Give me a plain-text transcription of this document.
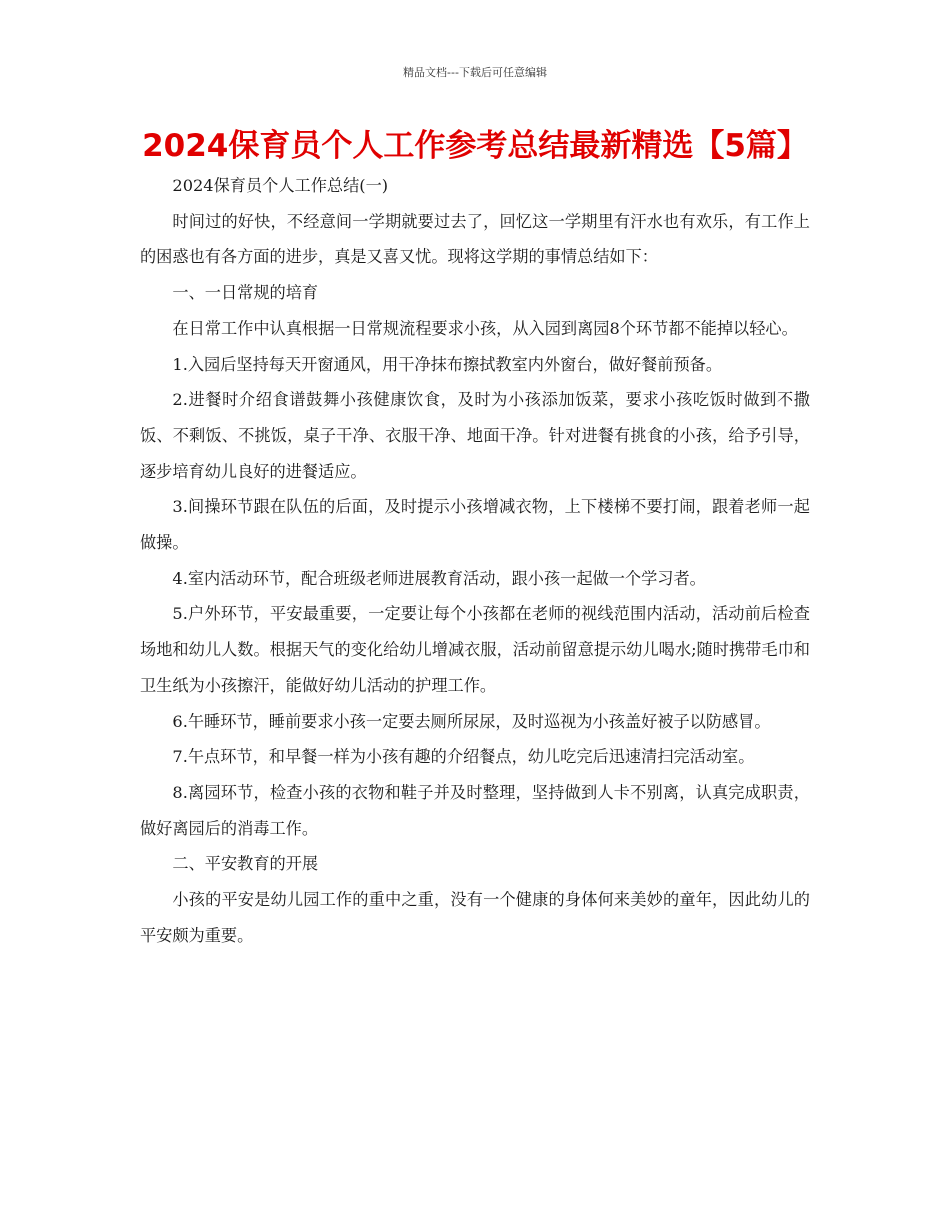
精品文档---下载后可任意编辑
2024保育员个人工作参考总结最新精选【5篇】

2024保育员个人工作总结(一)

时间过的好快，不经意间一学期就要过去了，回忆这一学期里有汗水也有欢乐，有工作上的困惑也有各方面的进步，真是又喜又忧。现将这学期的事情总结如下：

一、一日常规的培育

在日常工作中认真根据一日常规流程要求小孩，从入园到离园8个环节都不能掉以轻心。

1.入园后坚持每天开窗通风，用干净抹布擦拭教室内外窗台，做好餐前预备。

2.进餐时介绍食谱鼓舞小孩健康饮食，及时为小孩添加饭菜，要求小孩吃饭时做到不撒饭、不剩饭、不挑饭，桌子干净、衣服干净、地面干净。针对进餐有挑食的小孩，给予引导，逐步培育幼儿良好的进餐适应。

3.间操环节跟在队伍的后面，及时提示小孩增减衣物，上下楼梯不要打闹，跟着老师一起做操。

4.室内活动环节，配合班级老师进展教育活动，跟小孩一起做一个学习者。

5.户外环节，平安最重要，一定要让每个小孩都在老师的视线范围内活动，活动前后检查场地和幼儿人数。根据天气的变化给幼儿增减衣服，活动前留意提示幼儿喝水;随时携带毛巾和卫生纸为小孩擦汗，能做好幼儿活动的护理工作。

6.午睡环节，睡前要求小孩一定要去厕所尿尿，及时巡视为小孩盖好被子以防感冒。

7.午点环节，和早餐一样为小孩有趣的介绍餐点，幼儿吃完后迅速清扫完活动室。

8.离园环节，检查小孩的衣物和鞋子并及时整理，坚持做到人卡不别离，认真完成职责，做好离园后的消毒工作。

二、平安教育的开展

小孩的平安是幼儿园工作的重中之重，没有一个健康的身体何来美妙的童年，因此幼儿的平安颇为重要。
